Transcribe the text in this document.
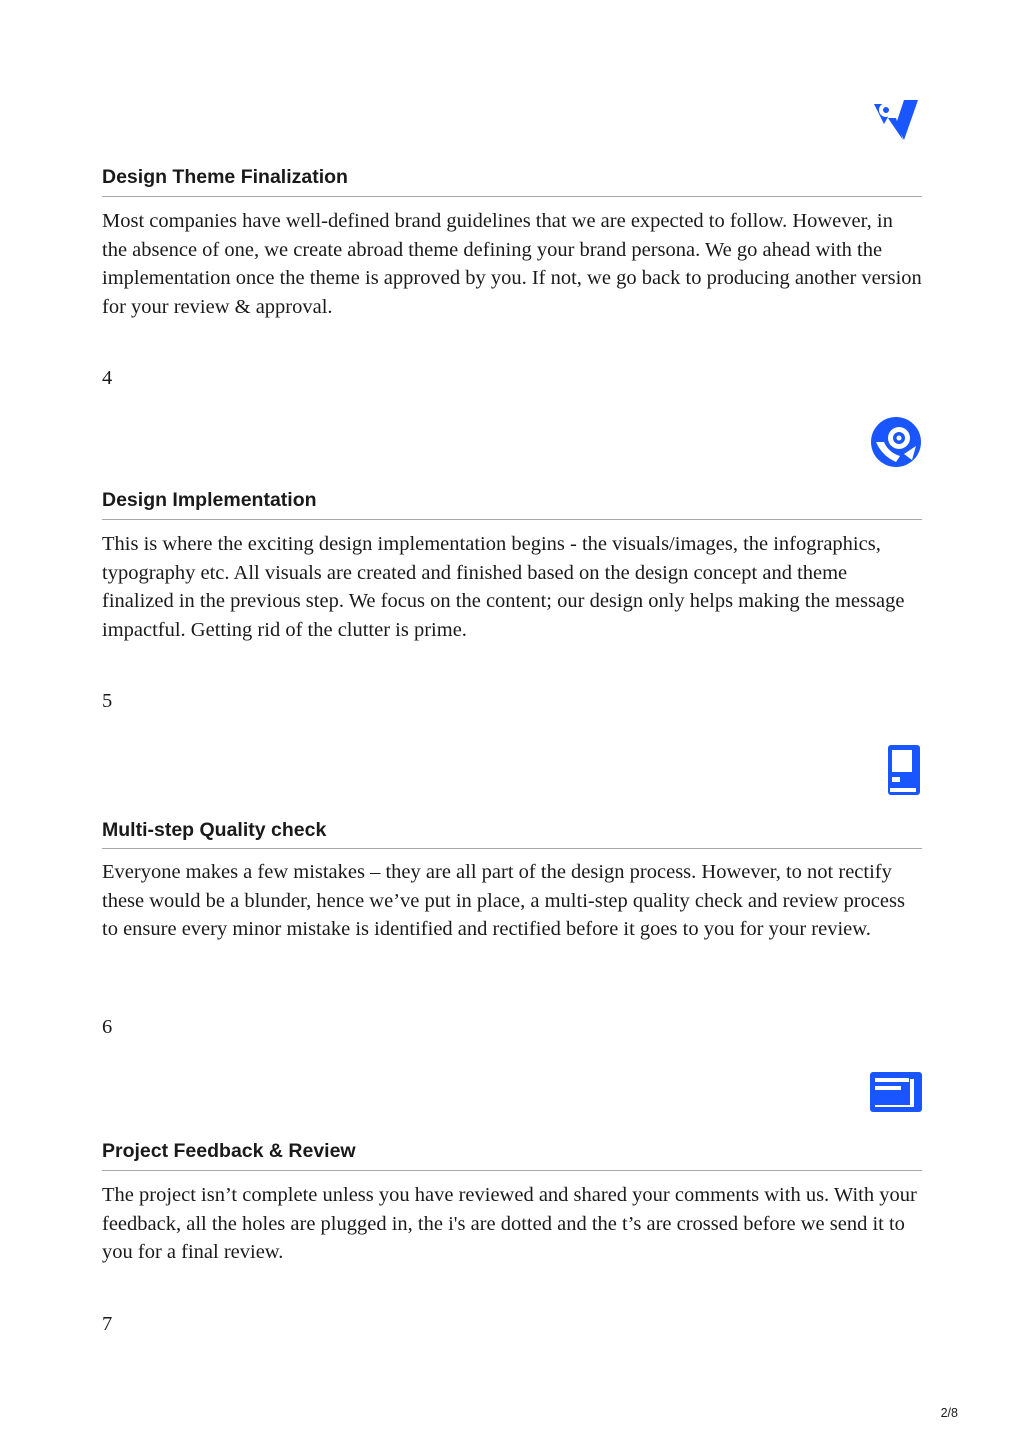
Design Theme Finalization

Most companies have well-defined brand guidelines that we are expected to follow. However, in the absence of one, we create abroad theme defining your brand persona. We go ahead with the implementation once the theme is approved by you. If not, we go back to producing another version for your review & approval.

4
Design Implementation

This is where the exciting design implementation begins - the visuals/images, the infographics, typography etc. All visuals are created and finished based on the design concept and theme finalized in the previous step. We focus on the content; our design only helps making the message impactful. Getting rid of the clutter is prime.

5
Multi-step Quality check

Everyone makes a few mistakes – they are all part of the design process. However, to not rectify these would be a blunder, hence we’ve put in place, a multi-step quality check and review process to ensure every minor mistake is identified and rectified before it goes to you for your review.

6
Project Feedback & Review

The project isn’t complete unless you have reviewed and shared your comments with us. With your feedback, all the holes are plugged in, the i's are dotted and the t’s are crossed before we send it to you for a final review.

7
2/8
